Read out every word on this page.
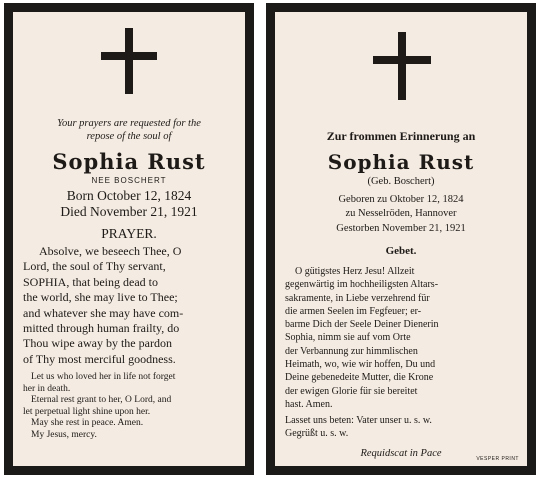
Your prayers are requested for the
repose of the soul of
Sophia Rust
NEE BOSCHERT
Born October 12, 1824
Died November 21, 1921
PRAYER.

Absolve, we beseech Thee, O

Lord, the soul of Thy servant,

SOPHIA, that being dead to

the world, she may live to Thee;

and whatever she may have com-

mitted through human frailty, do

Thou wipe away by the pardon

of Thy most merciful goodness.

Let us who loved her in life not forget
her in death.
Eternal rest grant to her, O Lord, and
let perpetual light shine upon her.
May she rest in peace. Amen.
My Jesus, mercy.
Zur frommen Erinnerung an
Sophia Rust
(Geb. Boschert)
Geboren zu Oktober 12, 1824
zu Nesselröden, Hannover
Gestorben November 21, 1921
Gebet.

O gütigstes Herz Jesu! Allzeit

gegenwärtig im hochheiligsten Altars-

sakramente, in Liebe verzehrend für

die armen Seelen im Fegfeuer; er-

barme Dich der Seele Deiner Dienerin

Sophia, nimm sie auf vom Orte

der Verbannung zur himmlischen

Heimath, wo, wie wir hoffen, Du und

Deine gebenedeite Mutter, die Krone

der ewigen Glorie für sie bereitet

hast. Amen.

Lasset uns beten: Vater unser u. s. w.
Gegrüßt u. s. w.
Requidscat in Pace	VESPER PRINT
